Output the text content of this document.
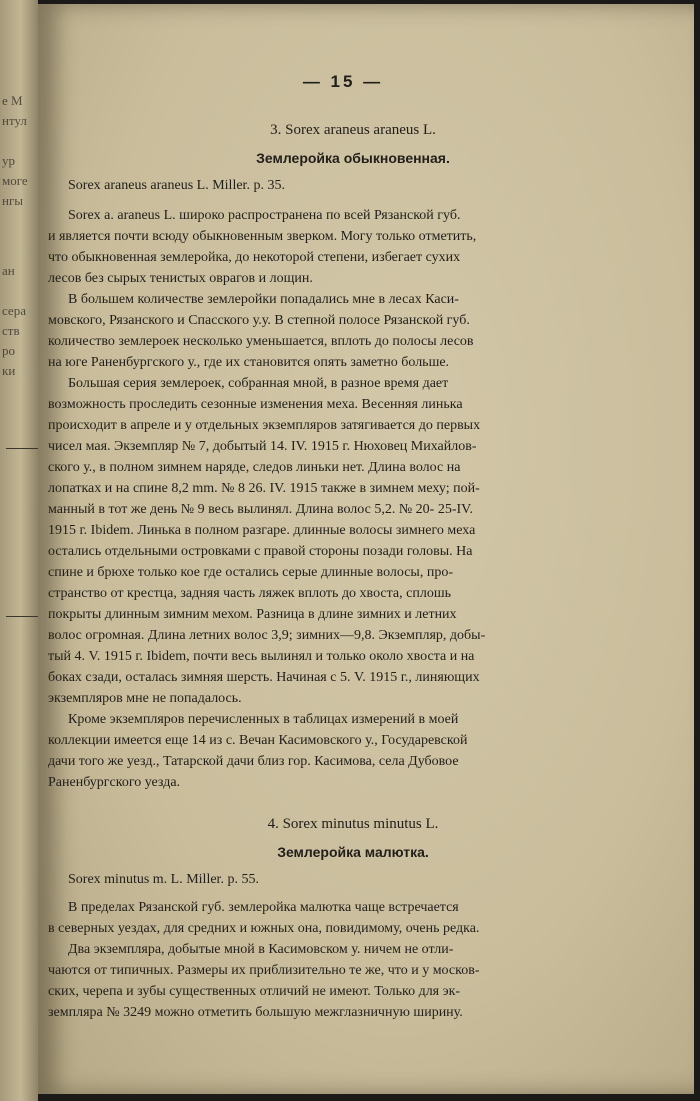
e M
нтул
ур
моге
нгы
ан
сера
ств
ро
ки
— 15 —
3. Sorex araneus araneus L.
Землеройка обыкновенная.
Sorex araneus araneus L. Miller. p. 35.
Sorex a. araneus L. широко распространена по всей Рязанской губ.
и является почти всюду обыкновенным зверком. Могу только отметить,
что обыкновенная землеройка, до некоторой степени, избегает сухих
лесов без сырых тенистых оврагов и лощин.
В большем количестве землеройки попадались мне в лесах Каси-
мовского, Рязанского и Спасского у.у. В степной полосе Рязанской губ.
количество землероек несколько уменьшается, вплоть до полосы лесов
на юге Раненбургского у., где их становится опять заметно больше.
Большая серия землероек, собранная мной, в разное время дает
возможность проследить сезонные изменения меха. Весенняя линька
происходит в апреле и у отдельных экземпляров затягивается до первых
чисел мая. Экземпляр № 7, добытый 14. IV. 1915 г. Нюховец Михайлов-
ского у., в полном зимнем наряде, следов линьки нет. Длина волос на
лопатках и на спине 8,2 mm. № 8 26. IV. 1915 также в зимнем меху; пой-
манный в тот же день № 9 весь вылинял. Длина волос 5,2. № 20- 25-IV.
1915 г. Ibidem. Линька в полном разгаре. длинные волосы зимнего меха
остались отдельными островками с правой стороны позади головы. На
спине и брюхе только кое где остались серые длинные волосы, про-
странство от крестца, задняя часть ляжек вплоть до хвоста, сплошь
покрыты длинным зимним мехом. Разница в длине зимних и летних
волос огромная. Длина летних волос 3,9; зимних—9,8. Экземпляр, добы-
тый 4. V. 1915 г. Ibidem, почти весь вылинял и только около хвоста и на
боках сзади, осталась зимняя шерсть. Начиная с 5. V. 1915 г., линяющих
экземпляров мне не попадалось.
Кроме экземпляров перечисленных в таблицах измерений в моей
коллекции имеется еще 14 из с. Вечан Касимовского у., Государевской
дачи того же уезд., Татарской дачи близ гор. Касимова, села Дубовое
Раненбургского уезда.
4. Sorex minutus minutus L.
Землеройка малютка.
Sorex minutus m. L. Miller. p. 55.
В пределах Рязанской губ. землеройка малютка чаще встречается
в северных уездах, для средних и южных она, повидимому, очень редка.
Два экземпляра, добытые мной в Касимовском у. ничем не отли-
чаются от типичных. Размеры их приблизительно те же, что и у москов-
ских, черепа и зубы существенных отличий не имеют. Только для эк-
земпляра № 3249 можно отметить большую межглазничную ширину.
